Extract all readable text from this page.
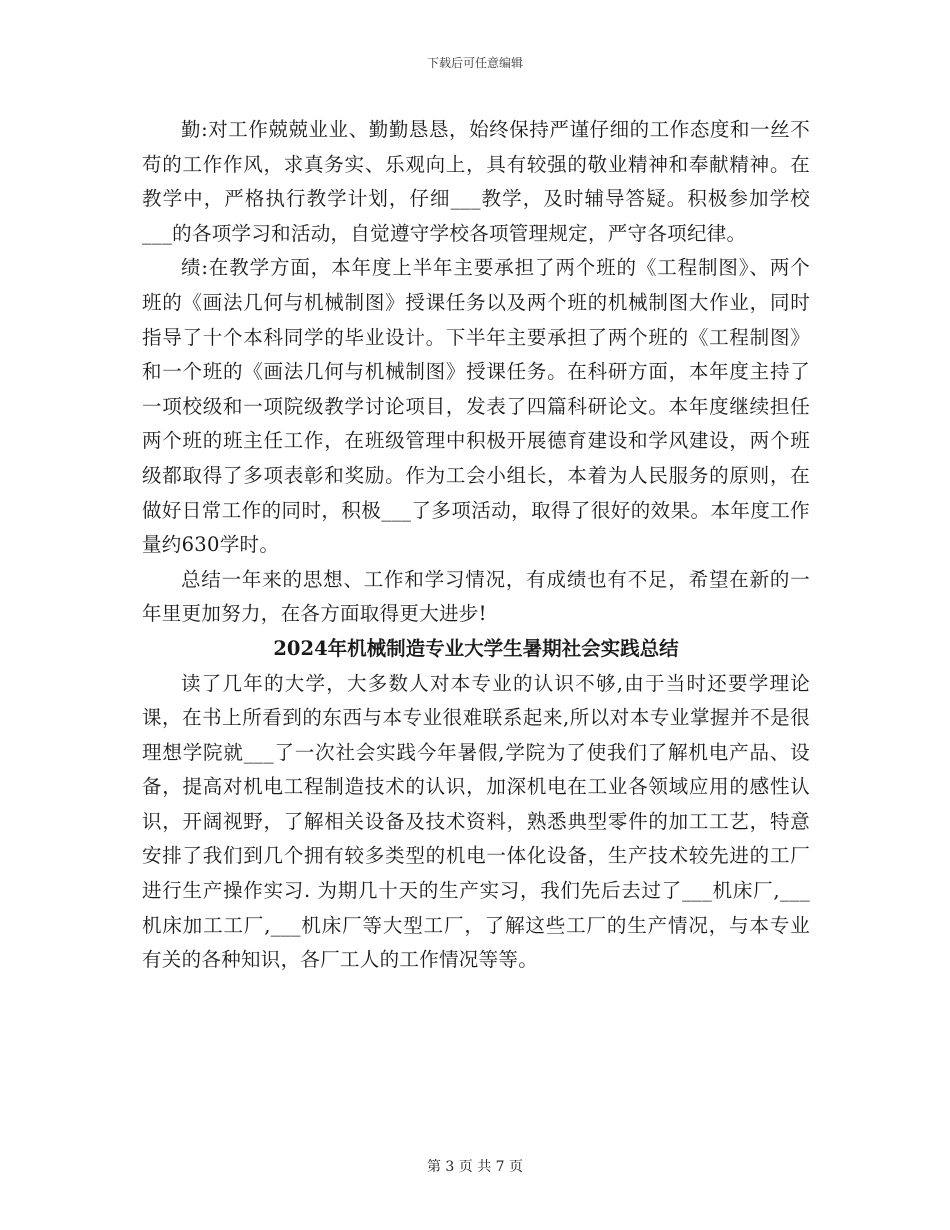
下载后可任意编辑

勤:对工作兢兢业业、勤勤恳恳，始终保持严谨仔细的工作态度和一丝不苟的工作作风，求真务实、乐观向上，具有较强的敬业精神和奉献精神。在教学中，严格执行教学计划，仔细___教学，及时辅导答疑。积极参加学校___的各项学习和活动，自觉遵守学校各项管理规定，严守各项纪律。

绩:在教学方面，本年度上半年主要承担了两个班的《工程制图》、两个班的《画法几何与机械制图》授课任务以及两个班的机械制图大作业，同时指导了十个本科同学的毕业设计。下半年主要承担了两个班的《工程制图》和一个班的《画法几何与机械制图》授课任务。在科研方面，本年度主持了一项校级和一项院级教学讨论项目，发表了四篇科研论文。本年度继续担任两个班的班主任工作，在班级管理中积极开展德育建设和学风建设，两个班级都取得了多项表彰和奖励。作为工会小组长，本着为人民服务的原则，在做好日常工作的同时，积极___了多项活动，取得了很好的效果。本年度工作量约630学时。

总结一年来的思想、工作和学习情况，有成绩也有不足，希望在新的一年里更加努力，在各方面取得更大进步!

2024年机械制造专业大学生暑期社会实践总结

读了几年的大学，大多数人对本专业的认识不够,由于当时还要学理论课，在书上所看到的东西与本专业很难联系起来,所以对本专业掌握并不是很理想学院就___了一次社会实践今年暑假,学院为了使我们了解机电产品、设备，提高对机电工程制造技术的认识，加深机电在工业各领域应用的感性认识，开阔视野，了解相关设备及技术资料，熟悉典型零件的加工工艺，特意安排了我们到几个拥有较多类型的机电一体化设备，生产技术较先进的工厂进行生产操作实习. 为期几十天的生产实习，我们先后去过了___机床厂,___机床加工工厂,___机床厂等大型工厂，了解这些工厂的生产情况，与本专业有关的各种知识，各厂工人的工作情况等等。

第 3 页 共 7 页
